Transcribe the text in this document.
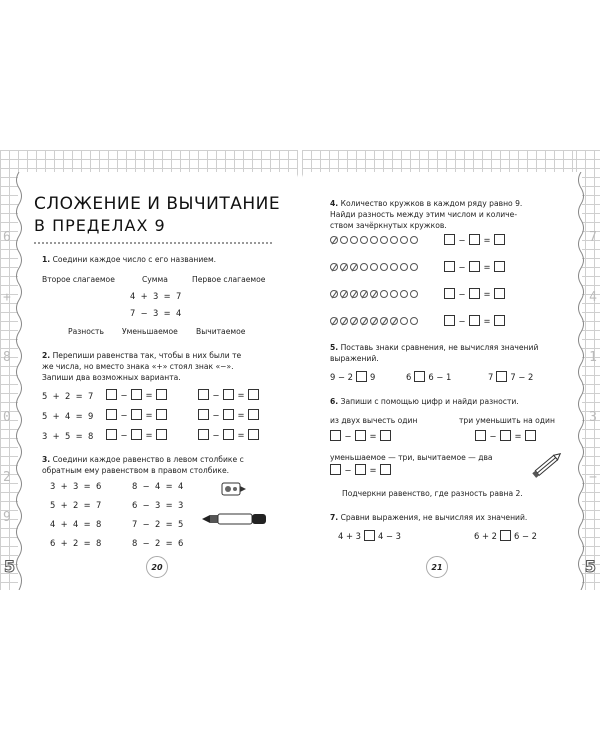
6
+
8
0
2
9
5
СЛОЖЕНИЕ И ВЫЧИТАНИЕ
В ПРЕДЕЛАХ 9
1. Соедини каждое число с его названием.
Второе слагаемое	Сумма	Первое слагаемое
4  +  3  =  7
7  −  3  =  4
Разность Уменьшаемое Вычитаемое
2. Перепиши равенства так, чтобы в них были те
же числа, но вместо знака «+» стоял знак «−».
Запиши два возможных варианта.
5  +  2  =  7	− =	− =
5  +  4  =  9	− =	− =
3  +  5  =  8	− =	− =
3. Соедини каждое равенство в левом столбике с
обратным ему равенством в правом столбике.
3  +  3  =  6
5  +  2  =  7
4  +  4  =  8
6  +  2  =  8
8  −  4  =  4
6  −  3  =  3
7  −  2  =  5
8  −  2  =  6
20
7
4
1
3
−
5
4. Количество кружков в каждом ряду равно 9.
Найди разность между этим числом и количе-
ством зачёркнутых кружков.
− =
− =
− =
− =
5. Поставь знаки сравнения, не вычисляя значений
выражений.
9 − 2 9	6 6 − 1	7 7 − 2
6. Запиши с помощью цифр и найди разности.
из двух вычесть один	три уменьшить на один
− =	− =
уменьшаемое — три, вычитаемое — два
− =
Подчеркни равенство, где разность равна 2.
7. Сравни выражения, не вычисляя их значений.
4 + 3 4 − 3	6 + 2 6 − 2
21
